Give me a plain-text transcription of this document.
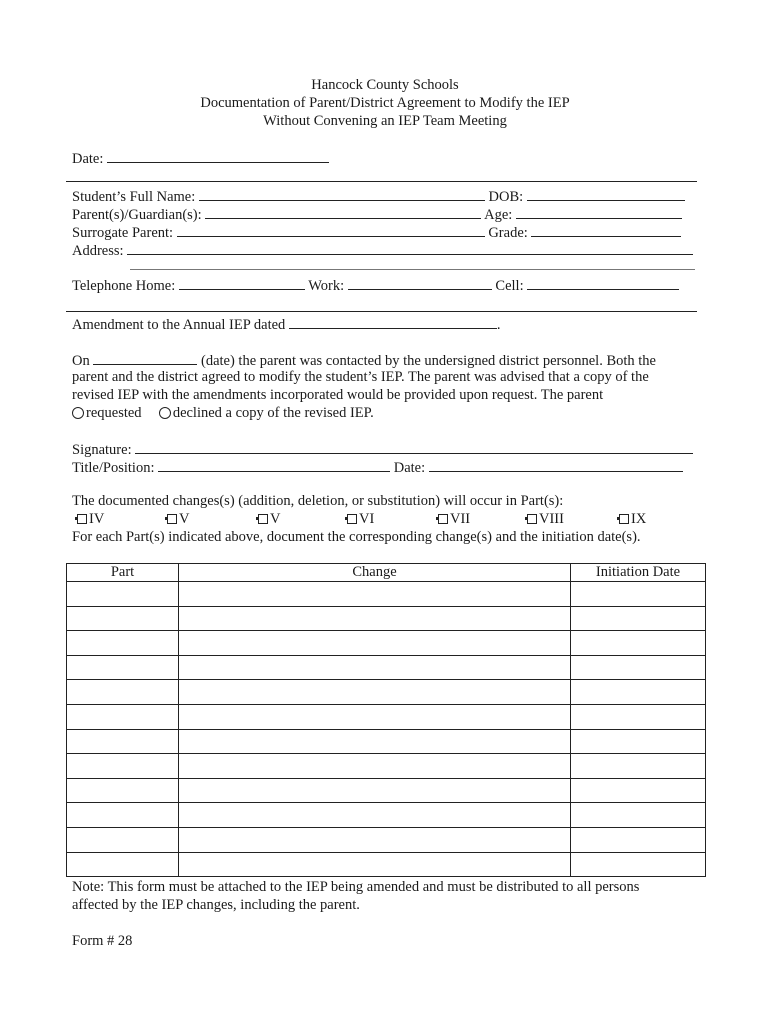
Hancock County Schools
Documentation of Parent/District Agreement to Modify the IEP
Without Convening an IEP Team Meeting
Date:
Student’s Full Name:	DOB:
Parent(s)/Guardian(s):	Age:
Surrogate Parent:	Grade:
Address:
Telephone Home:	Work:	Cell:
Amendment to the Annual IEP dated	.
On	(date) the parent was contacted by the undersigned district personnel. Both the
parent and the district agreed to modify the student’s IEP. The parent was advised that a copy of the
revised IEP with the amendments incorporated would be provided upon request. The parent
requested declined a copy of the revised IEP.
Signature:
Title/Position:	Date:
The documented changes(s) (addition, deletion, or substitution) will occur in Part(s):
IV	V	V	VI	VII	VIII	IX
For each Part(s) indicated above, document the corresponding change(s) and the initiation date(s).
Part	Change	Initiation Date

Note: This form must be attached to the IEP being amended and must be distributed to all persons
affected by the IEP changes, including the parent.
Form # 28
